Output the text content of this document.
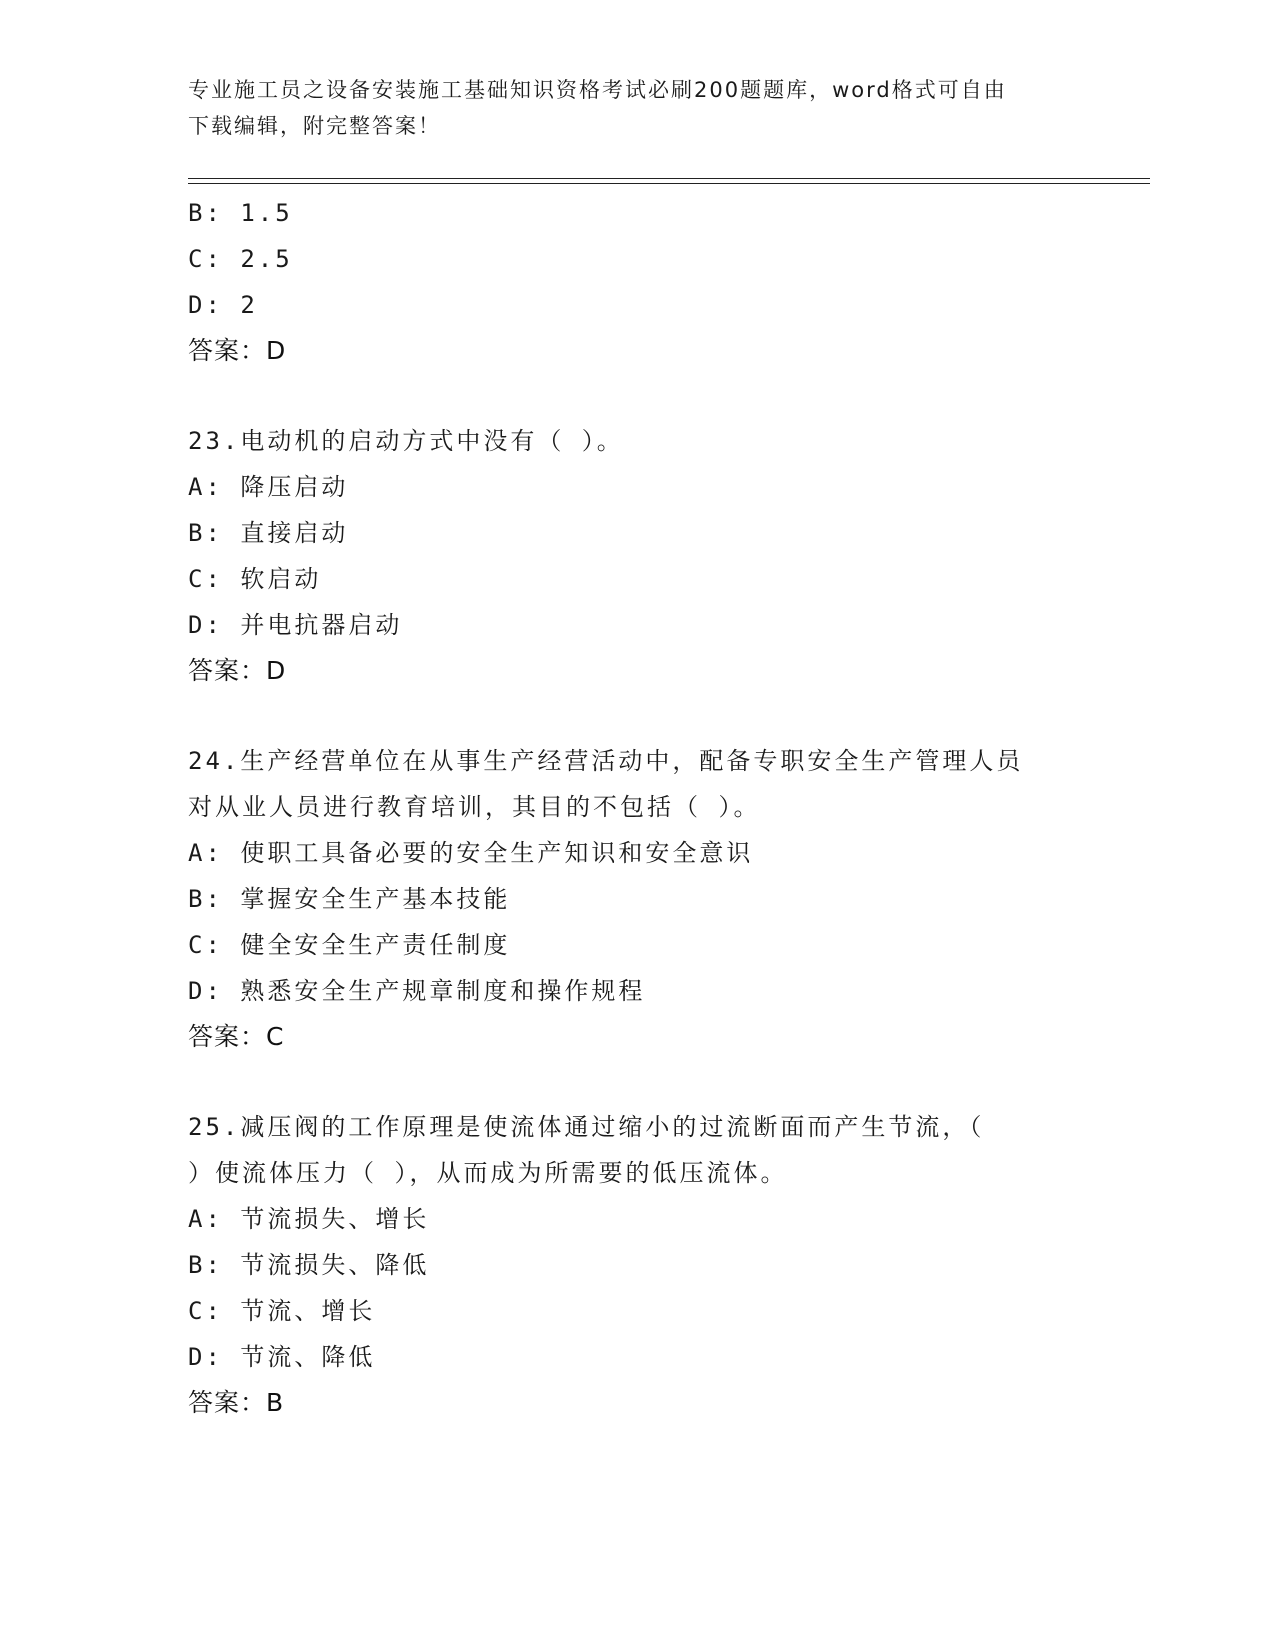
专业施工员之设备安装施工基础知识资格考试必刷200题题库，word格式可自由
下载编辑，附完整答案！
B: 1.5
C: 2.5
D: 2
答案：D
23.电动机的启动方式中没有（ ）。
A: 降压启动
B: 直接启动
C: 软启动
D: 并电抗器启动
答案：D
24.生产经营单位在从事生产经营活动中，配备专职安全生产管理人员
对从业人员进行教育培训，其目的不包括（ ）。
A: 使职工具备必要的安全生产知识和安全意识
B: 掌握安全生产基本技能
C: 健全安全生产责任制度
D: 熟悉安全生产规章制度和操作规程
答案：C
25.减压阀的工作原理是使流体通过缩小的过流断面而产生节流，（
）使流体压力（ ），从而成为所需要的低压流体。
A: 节流损失、增长
B: 节流损失、降低
C: 节流、增长
D: 节流、降低
答案：B
